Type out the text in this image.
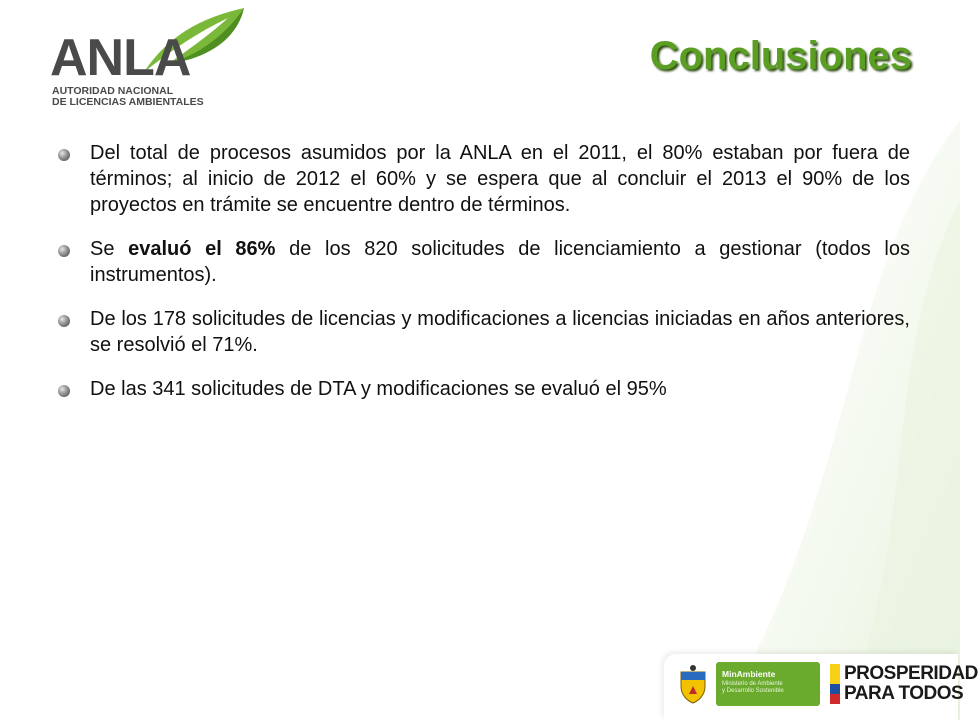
ANLA
AUTORIDAD NACIONAL
DE LICENCIAS AMBIENTALES
Conclusiones
Del total de procesos asumidos por la ANLA en el 2011, el 80% estaban por fuera de términos; al inicio de 2012 el 60% y se espera que al concluir el 2013 el 90% de los proyectos en trámite se encuentre dentro de términos.
Se evaluó el 86% de los 820 solicitudes de licenciamiento a gestionar (todos los instrumentos).
De los 178 solicitudes de licencias y modificaciones a licencias iniciadas en años anteriores, se resolvió el 71%.
De las 341 solicitudes de DTA y modificaciones se evaluó el 95%
MinAmbiente
Ministerio de Ambiente
y Desarrollo Sostenible
PROSPERIDAD
PARA TODOS
